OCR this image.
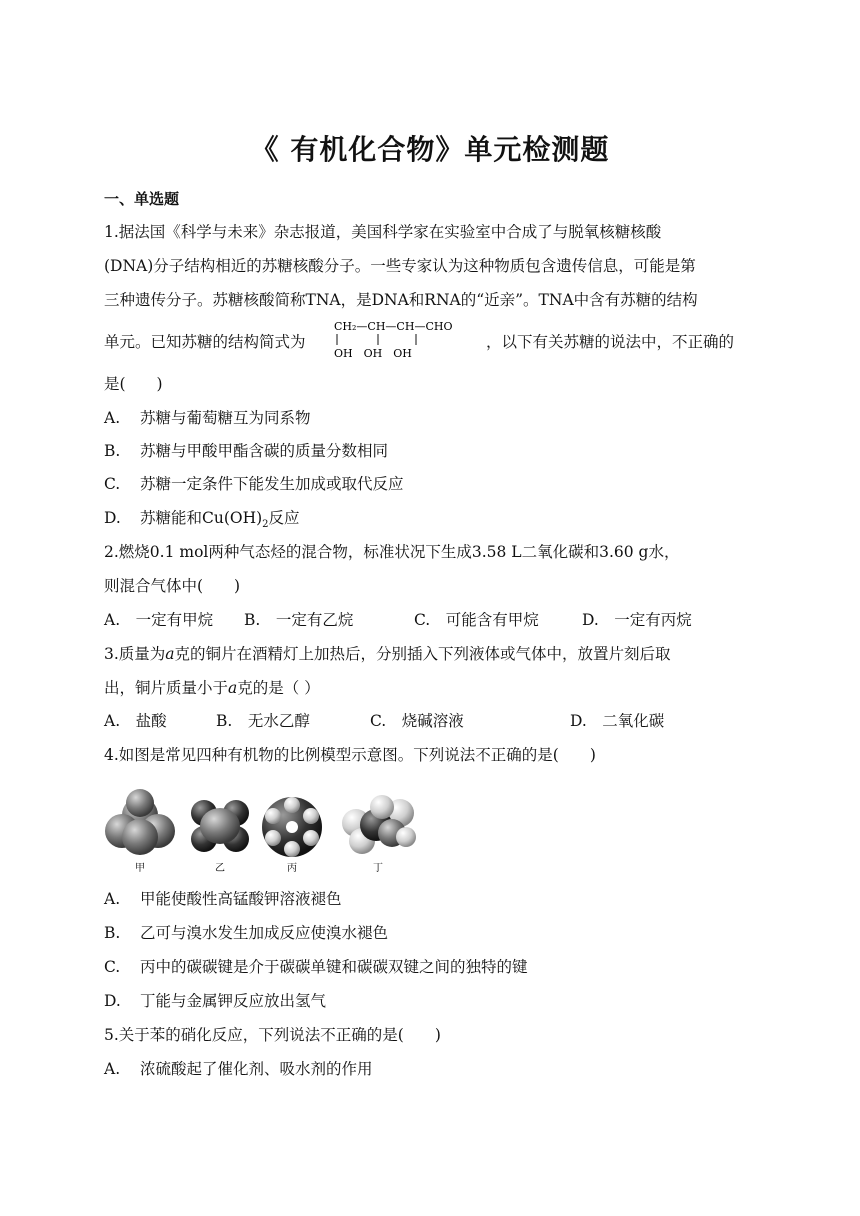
《 有机化合物》单元检测题
一、单选题
1.据法国《科学与未来》杂志报道，美国科学家在实验室中合成了与脱氧核糖核酸
(DNA)分子结构相近的苏糖核酸分子。一些专家认为这种物质包含遗传信息，可能是第
三种遗传分子。苏糖核酸简称TNA，是DNA和RNA的“近亲”。TNA中含有苏糖的结构
单元。已知苏糖的结构简式为
CH₂—CH—CH—CHO
OH　OH　OH
，以下有关苏糖的说法中，不正确的
是(　　)
A. 苏糖与葡萄糖互为同系物
B. 苏糖与甲酸甲酯含碳的质量分数相同
C. 苏糖一定条件下能发生加成或取代反应
D. 苏糖能和$Cu(OH)_2$反应
2.燃烧0.1 mol两种气态烃的混合物，标准状况下生成3.58 L二氧化碳和3.60 g水，
则混合气体中(　　)
A.　一定有甲烷 B.　一定有乙烷	C.　可能含有甲烷	D.　一定有丙烷
3.质量为a克的铜片在酒精灯上加热后，分别插入下列液体或气体中，放置片刻后取
出，铜片质量小于a克的是（ ）
A.　盐酸	B.　无水乙醇	C.　烧碱溶液	D.　二氧化碳
4.如图是常见四种有机物的比例模型示意图。下列说法不正确的是(　　)
甲	乙	丙	丁
A. 甲能使酸性高锰酸钾溶液褪色
B. 乙可与溴水发生加成反应使溴水褪色
C. 丙中的碳碳键是介于碳碳单键和碳碳双键之间的独特的键
D. 丁能与金属钾反应放出氢气
5.关于苯的硝化反应，下列说法不正确的是(　　)
A. 浓硫酸起了催化剂、吸水剂的作用
